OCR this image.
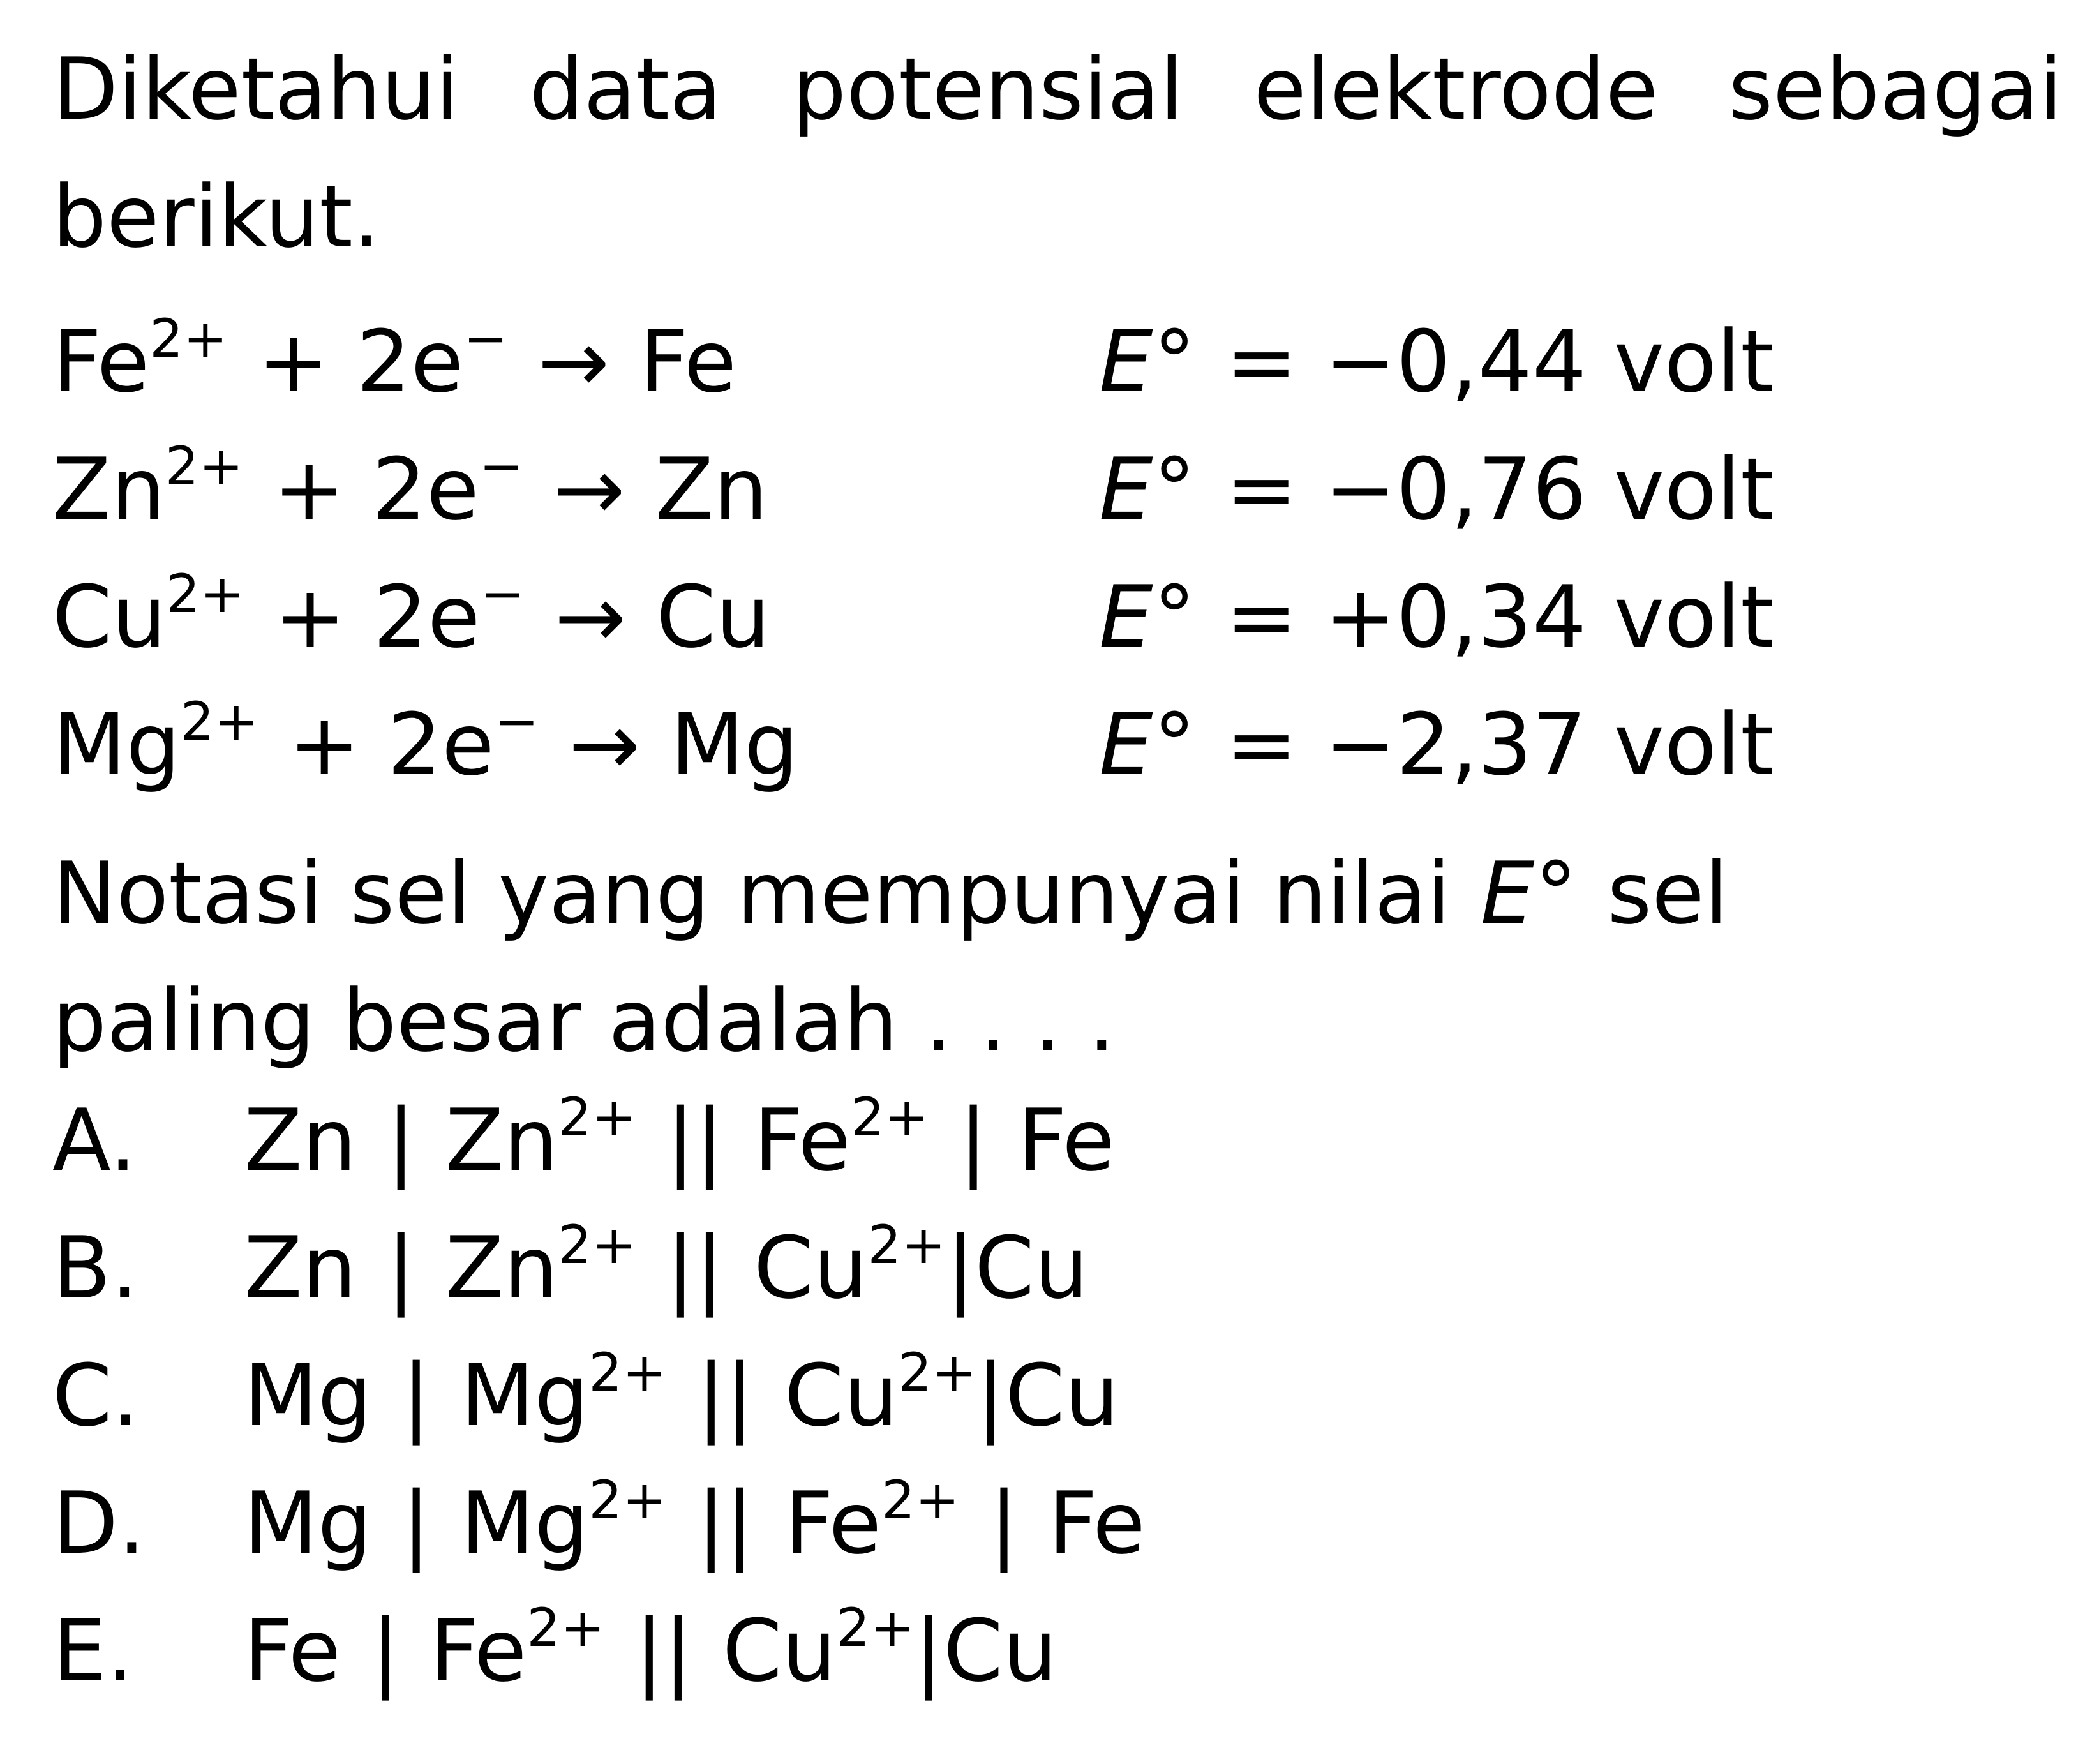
Diketahui data potensial elektrode sebagai
berikut.
$Fe^{2+} + 2e^- \to Fe$	E° = −0,44 volt
$Zn^{2+} + 2e^- \to Zn$	E° = −0,76 volt
$Cu^{2+} + 2e^- \to Cu$	E° = +0,34 volt
$Mg^{2+} + 2e^- \to Mg$	E° = −2,37 volt
Notasi sel yang mempunyai nilai E° sel
paling besar adalah . . . .
A. Zn | $Zn^{2+}$ || $Fe^{2+}$ | Fe
B. Zn | $Zn^{2+}$ || $Cu^{2+}|Cu$
C. Mg | $Mg^{2+}$ || $Cu^{2+}|Cu$
D. Mg | $Mg^{2+}$ || $Fe^{2+}$ | Fe
E. Fe | $Fe^{2+}$ || $Cu^{2+}|Cu$
